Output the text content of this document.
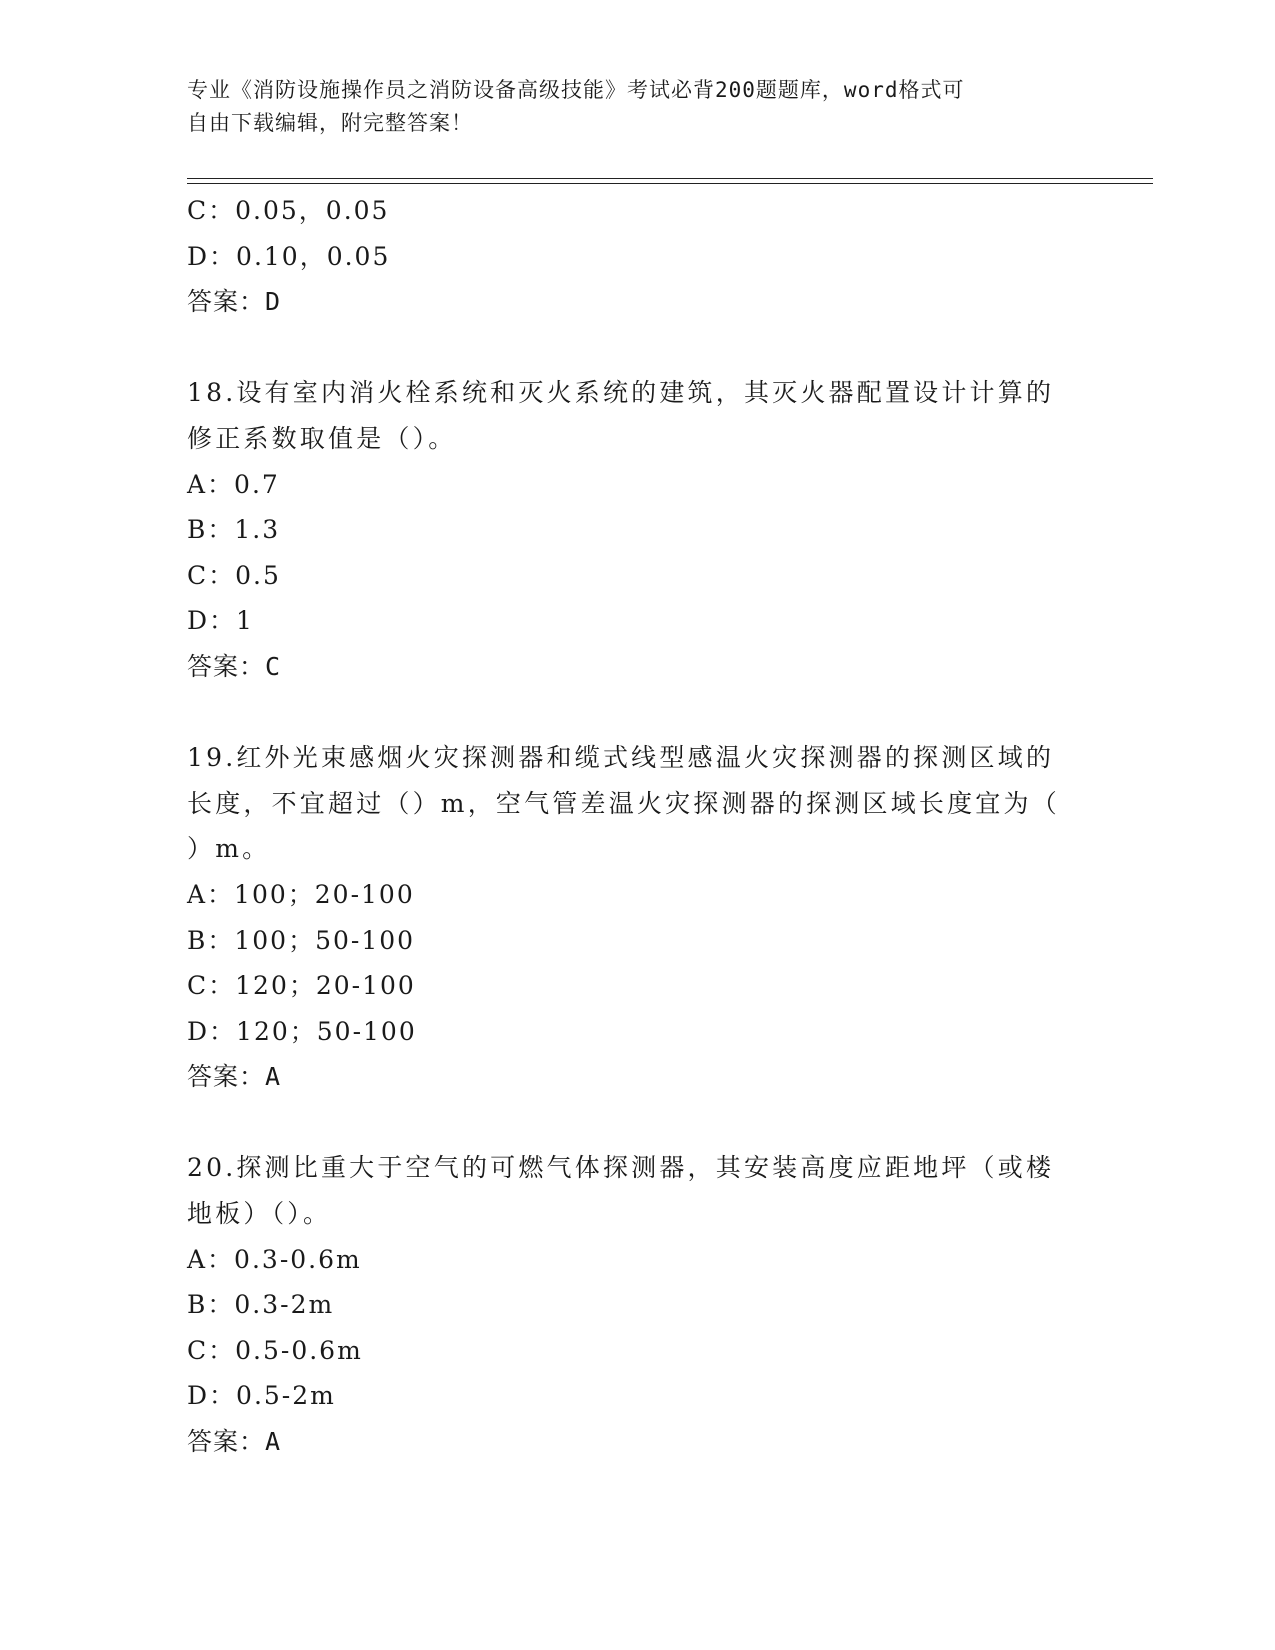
专业《消防设施操作员之消防设备高级技能》考试必背200题题库，word格式可
自由下载编辑，附完整答案！
C：0.05，0.05
D：0.10，0.05
答案：D
18.设有室内消火栓系统和灭火系统的建筑，其灭火器配置设计计算的
修正系数取值是（）。
A：0.7
B：1.3
C：0.5
D：1
答案：C
19.红外光束感烟火灾探测器和缆式线型感温火灾探测器的探测区域的
长度，不宜超过（）m，空气管差温火灾探测器的探测区域长度宜为（
）m。
A：100；20-100
B：100；50-100
C：120；20-100
D：120；50-100
答案：A
20.探测比重大于空气的可燃气体探测器，其安装高度应距地坪（或楼
地板）（）。
A：0.3-0.6m
B：0.3-2m
C：0.5-0.6m
D：0.5-2m
答案：A
